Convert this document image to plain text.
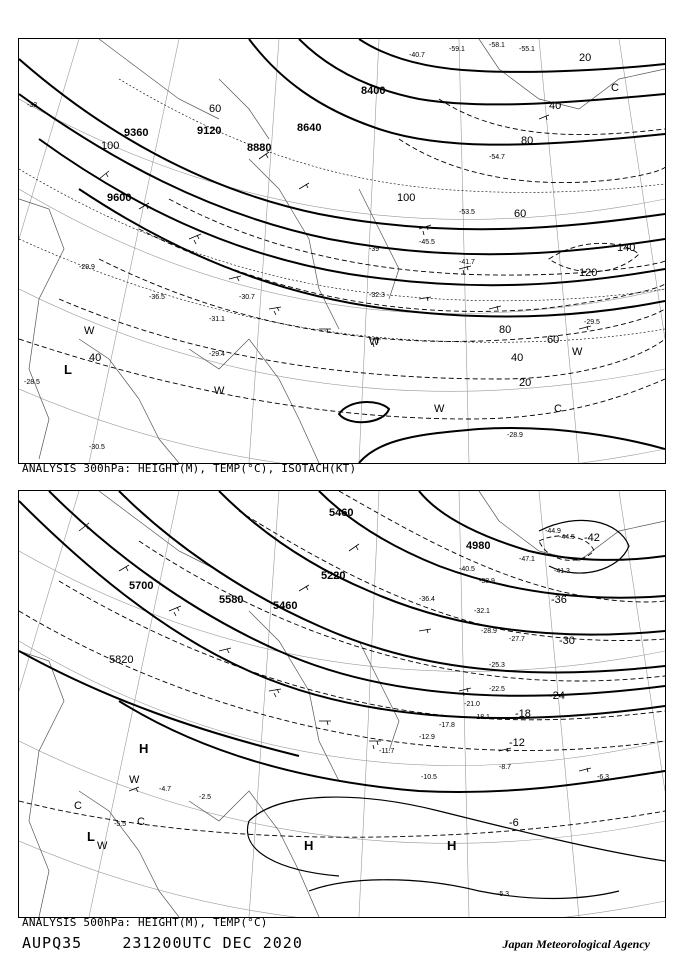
8400
8640
8880
9120
9360
9600
20
40
60
80
100
120
140
60
40
20
80
100
60
40
-55.1
-58.1
-59.1
-40.7
-54.7
-53.5
-45.5
-41.7
-39
-30.7
-31.1
-29.4
-29.5
-28.9
-32.3
-30.5
-28.5
-29.9
-36.5
-33
L
W
W
W
W
C
C
W
ANALYSIS 300hPa: HEIGHT(M), TEMP(°C), ISOTACH(KT)
4980
5220
5460
5580
5700
5820
5460
-42
-36
-30
-24
-18
-12
-6
-44.9
-44.5
-47.1
-41.3
-40.5
-38.9
-36.4
-32.1
-28.9
-27.7
-25.3
-22.5
-21.0
-18.1
-17.8
-10.5
-8.7
-6.3
-5.3
-11.7
-12.9
-4.7
-2.5
-5.5
H
H	H
L
C
C
W
W
ANALYSIS 500hPa: HEIGHT(M), TEMP(°C)
AUPQ35	231200UTC DEC 2020	Japan Meteorological Agency
